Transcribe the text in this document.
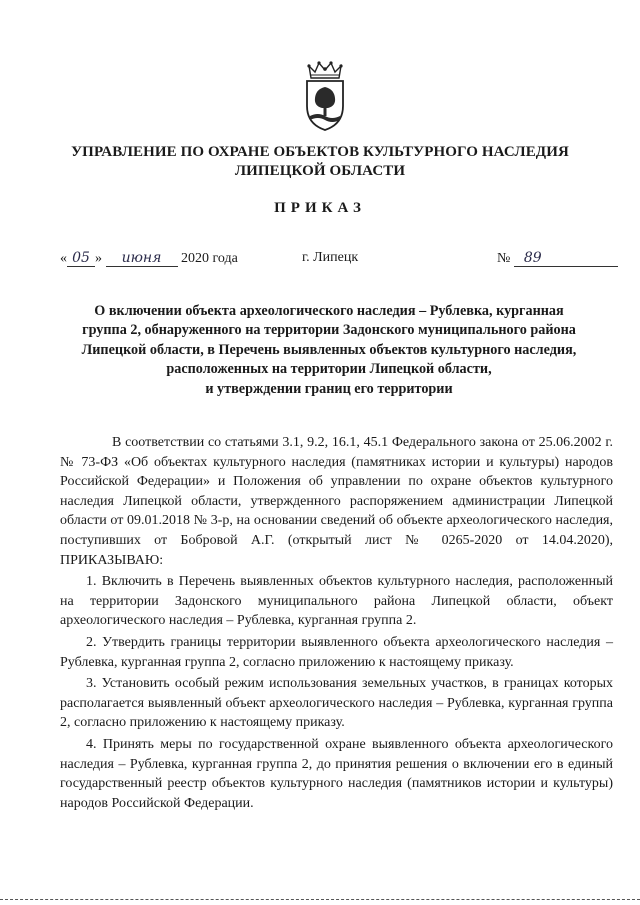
УПРАВЛЕНИЕ ПО ОХРАНЕ ОБЪЕКТОВ КУЛЬТУРНОГО НАСЛЕДИЯ
ЛИПЕЦКОЙ ОБЛАСТИ
ПРИКАЗ
« 05 » июня 2020 года	г. Липецк	№ 89
О включении объекта археологического наследия – Рублевка, курганная
группа 2, обнаруженного на территории Задонского муниципального района
Липецкой области, в Перечень выявленных объектов культурного наследия,
расположенных на территории Липецкой области,
и утверждении границ его территории

В соответствии со статьями 3.1, 9.2, 16.1, 45.1 Федерального закона от 25.06.2002 г. № 73-ФЗ «Об объектах культурного наследия (памятниках истории и культуры) народов Российской Федерации» и Положения об управлении по охране объектов культурного наследия Липецкой области, утвержденного распоряжением администрации Липецкой области от 09.01.2018 № 3-р, на основании сведений об объекте археологического наследия, поступивших от Бобровой А.Г. (открытый лист № 0265-2020 от 14.04.2020), ПРИКАЗЫВАЮ:

1. Включить в Перечень выявленных объектов культурного наследия, расположенный на территории Задонского муниципального района Липецкой области, объект археологического наследия – Рублевка, курганная группа 2.

2. Утвердить границы территории выявленного объекта археологического наследия – Рублевка, курганная группа 2, согласно приложению к настоящему приказу.

3. Установить особый режим использования земельных участков, в границах которых располагается выявленный объект археологического наследия – Рублевка, курганная группа 2, согласно приложению к настоящему приказу.

4. Принять меры по государственной охране выявленного объекта археологического наследия – Рублевка, курганная группа 2, до принятия решения о включении его в единый государственный реестр объектов культурного наследия (памятников истории и культуры) народов Российской Федерации.
